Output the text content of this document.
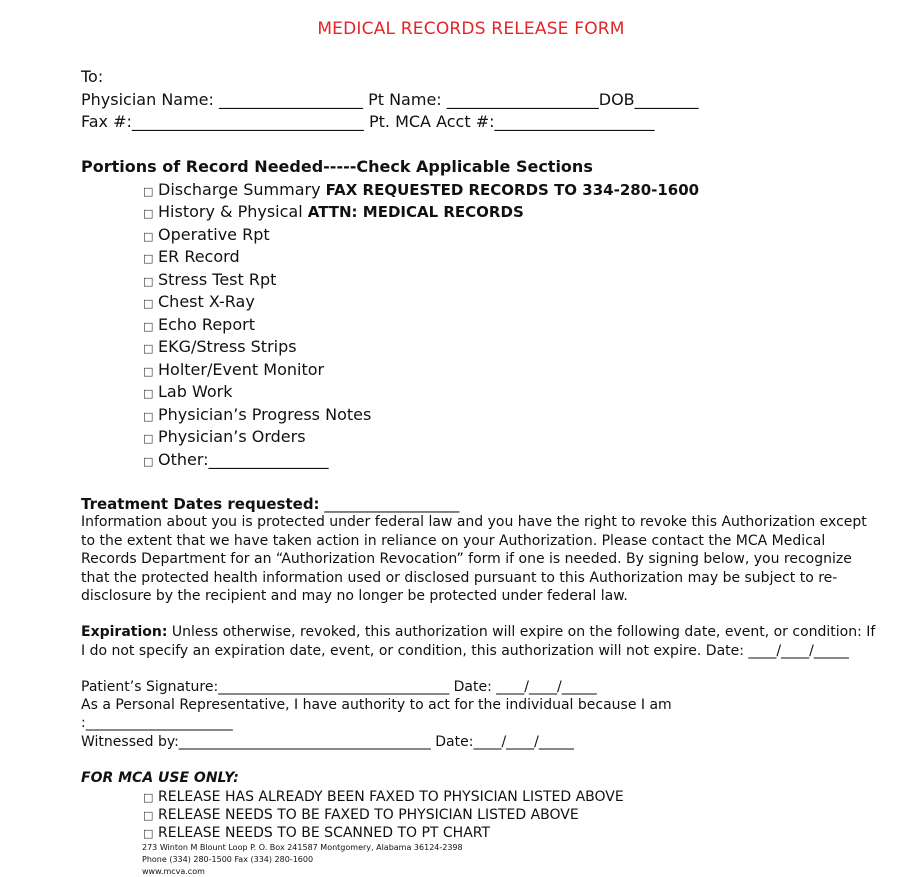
MEDICAL RECORDS RELEASE FORM
To:
Physician Name: __________________ Pt Name: ___________________DOB________
Fax #:_____________________________ Pt. MCA Acct #:____________________
Portions of Record Needed-----Check Applicable Sections
□ Discharge Summary FAX REQUESTED RECORDS TO 334-280-1600
□ History & Physical ATTN: MEDICAL RECORDS
□ Operative Rpt
□ ER Record
□ Stress Test Rpt
□ Chest X-Ray
□ Echo Report
□ EKG/Stress Strips
□ Holter/Event Monitor
□ Lab Work
□ Physician’s Progress Notes
□ Physician’s Orders
□ Other:_______________
Treatment Dates requested: __________________
Information about you is protected under federal law and you have the right to revoke this Authorization except to the extent that we have taken action in reliance on your Authorization. Please contact the MCA Medical Records Department for an “Authorization Revocation” form if one is needed. By signing below, you recognize that the protected health information used or disclosed pursuant to this Authorization may be subject to re-disclosure by the recipient and may no longer be protected under federal law.
Expiration: Unless otherwise, revoked, this authorization will expire on the following date, event, or condition: If I do not specify an expiration date, event, or condition, this authorization will not expire. Date: ____/____/_____
Patient’s Signature:_________________________________ Date: ____/____/_____
As a Personal Representative, I have authority to act for the individual because I am
:_____________________
Witnessed by:____________________________________ Date:____/____/_____
FOR MCA USE ONLY:
□ RELEASE HAS ALREADY BEEN FAXED TO PHYSICIAN LISTED ABOVE
□ RELEASE NEEDS TO BE FAXED TO PHYSICIAN LISTED ABOVE
□ RELEASE NEEDS TO BE SCANNED TO PT CHART
273 Winton M Blount Loop P. O. Box 241587 Montgomery, Alabama 36124-2398
Phone (334) 280-1500 Fax (334) 280-1600
www.mcva.com
